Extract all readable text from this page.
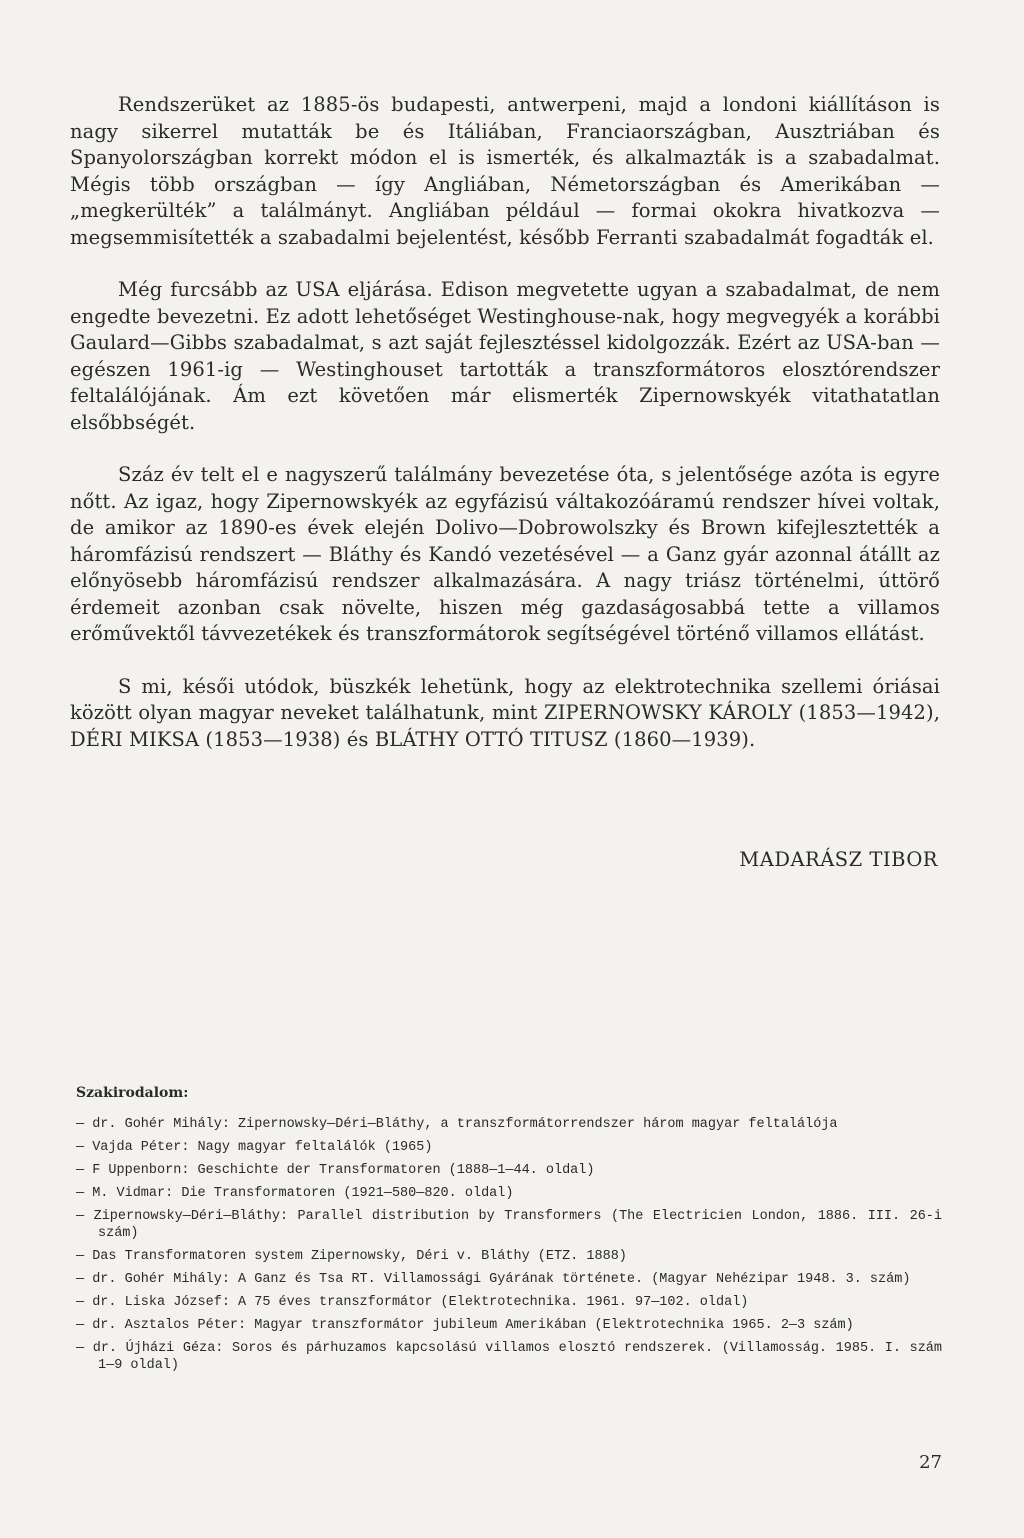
Rendszerüket az 1885-ös budapesti, antwerpeni, majd a londoni kiállításon is nagy sikerrel mutatták be és Itáliában, Franciaországban, Ausztriában és Spanyolországban korrekt módon el is ismerték, és alkalmazták is a szabadalmat. Mégis több országban — így Angliában, Németországban és Amerikában — „megkerülték” a találmányt. Angliában például — formai okokra hivatkozva — megsemmisítették a szabadalmi bejelentést, később Ferranti szabadalmát fogadták el.

Még furcsább az USA eljárása. Edison megvetette ugyan a szabadalmat, de nem engedte bevezetni. Ez adott lehetőséget Westinghouse-nak, hogy megvegyék a korábbi Gaulard—Gibbs szabadalmat, s azt saját fejlesztéssel kidolgozzák. Ezért az USA-ban — egészen 1961-ig — Westinghouset tartották a transzformátoros elosztórendszer feltalálójának. Ám ezt követően már elismerték Zipernowskyék vitathatatlan elsőbbségét.

Száz év telt el e nagyszerű találmány bevezetése óta, s jelentősége azóta is egyre nőtt. Az igaz, hogy Zipernowskyék az egyfázisú váltakozóáramú rendszer hívei voltak, de amikor az 1890-es évek elején Dolivo—Dobrowolszky és Brown kifejlesztették a háromfázisú rendszert — Bláthy és Kandó vezetésével — a Ganz gyár azonnal átállt az előnyösebb háromfázisú rendszer alkalmazására. A nagy triász történelmi, úttörő érdemeit azonban csak növelte, hiszen még gazdaságosabbá tette a villamos erőművektől távvezetékek és transzformátorok segítségével történő villamos ellátást.

S mi, késői utódok, büszkék lehetünk, hogy az elektrotechnika szellemi óriásai között olyan magyar neveket találhatunk, mint ZIPERNOWSKY KÁROLY (1853—1942), DÉRI MIKSA (1853—1938) és BLÁTHY OTTÓ TITUSZ (1860—1939).

MADARÁSZ TIBOR
Szakirodalom:
— dr. Gohér Mihály: Zipernowsky—Déri—Bláthy, a transzformátorrendszer három magyar feltalálója
— Vajda Péter: Nagy magyar feltalálók (1965)
— F Uppenborn: Geschichte der Transformatoren (1888—1—44. oldal)
— M. Vidmar: Die Transformatoren (1921—580—820. oldal)
— Zipernowsky—Déri—Bláthy: Parallel distribution by Transformers (The Electricien London, 1886. III. 26-i szám)
— Das Transformatoren system Zipernowsky, Déri v. Bláthy (ETZ. 1888)
— dr. Gohér Mihály: A Ganz és Tsa RT. Villamossági Gyárának története. (Magyar Nehézipar 1948. 3. szám)
— dr. Liska József: A 75 éves transzformátor (Elektrotechnika. 1961. 97—102. oldal)
— dr. Asztalos Péter: Magyar transzformátor jubileum Amerikában (Elektrotechnika 1965. 2—3 szám)
— dr. Újházi Géza: Soros és párhuzamos kapcsolású villamos elosztó rendszerek. (Villamosság. 1985. I. szám 1—9 oldal)
27
